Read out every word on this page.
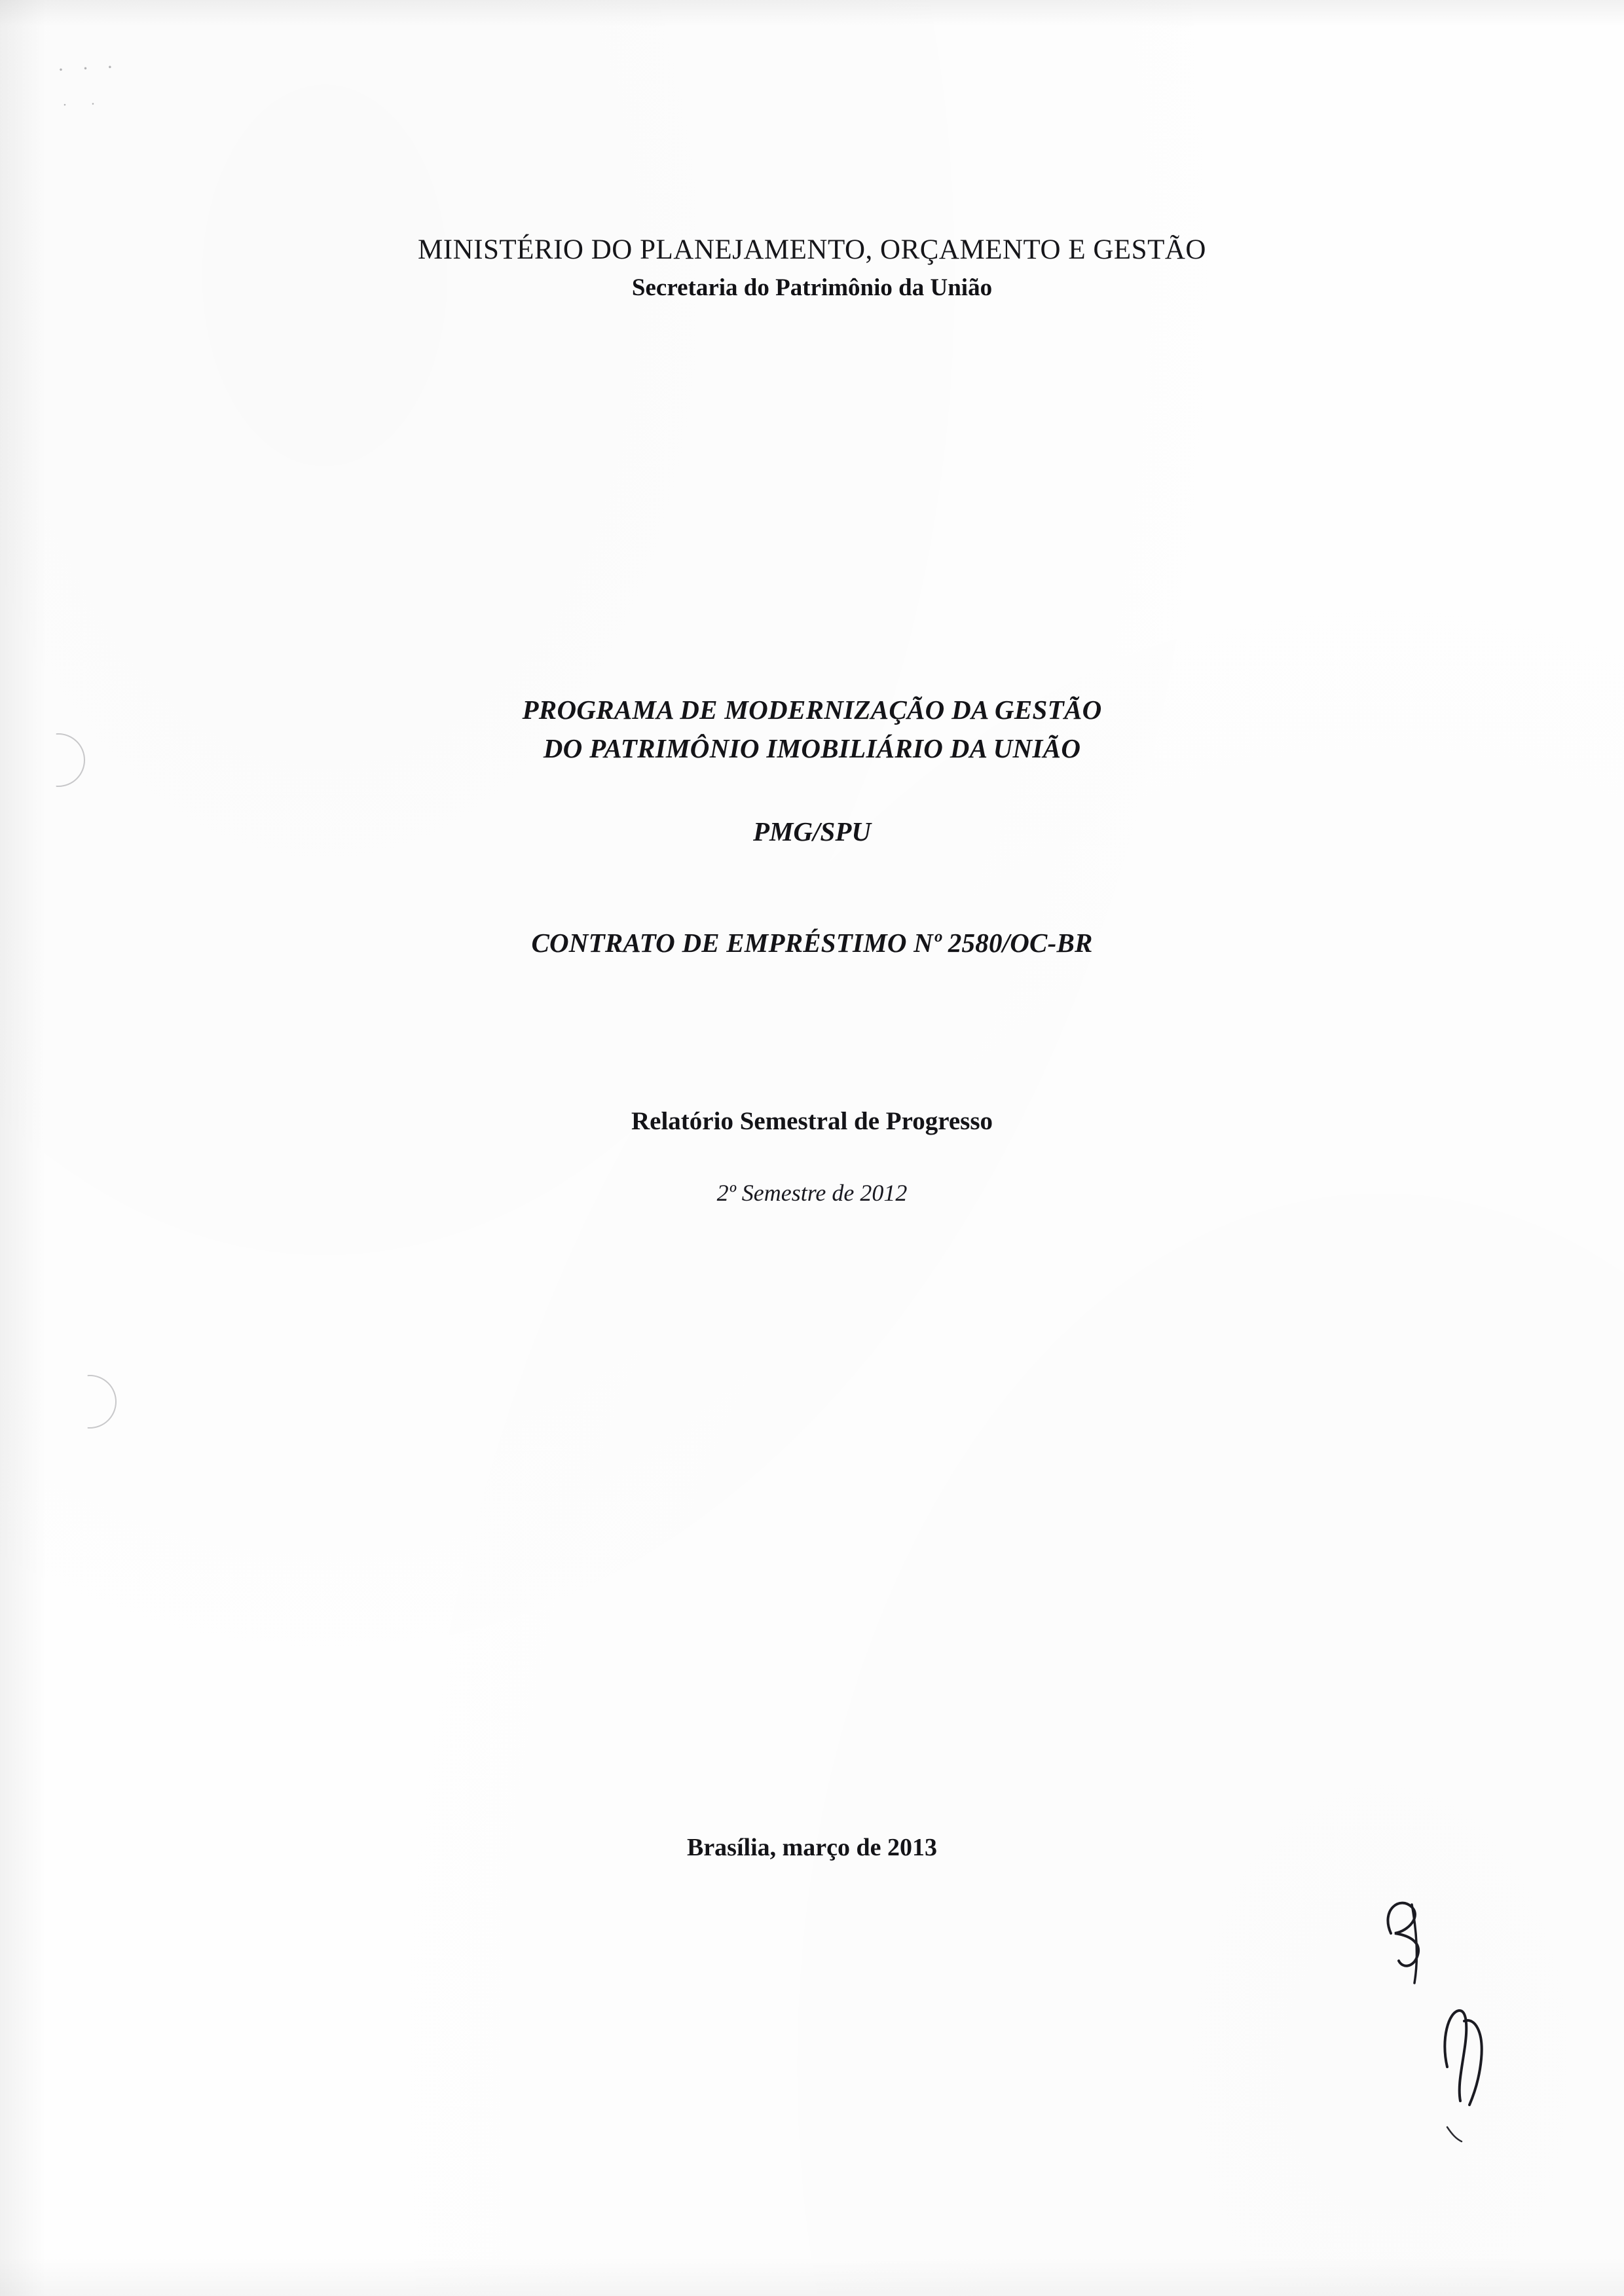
· · ·
. .
MINISTÉRIO DO PLANEJAMENTO, ORÇAMENTO E GESTÃO
Secretaria do Patrimônio da União
PROGRAMA DE MODERNIZAÇÃO DA GESTÃO
DO PATRIMÔNIO IMOBILIÁRIO DA UNIÃO
PMG/SPU
CONTRATO DE EMPRÉSTIMO Nº 2580/OC-BR
Relatório Semestral de Progresso
2º Semestre de 2012
Brasília, março de 2013
